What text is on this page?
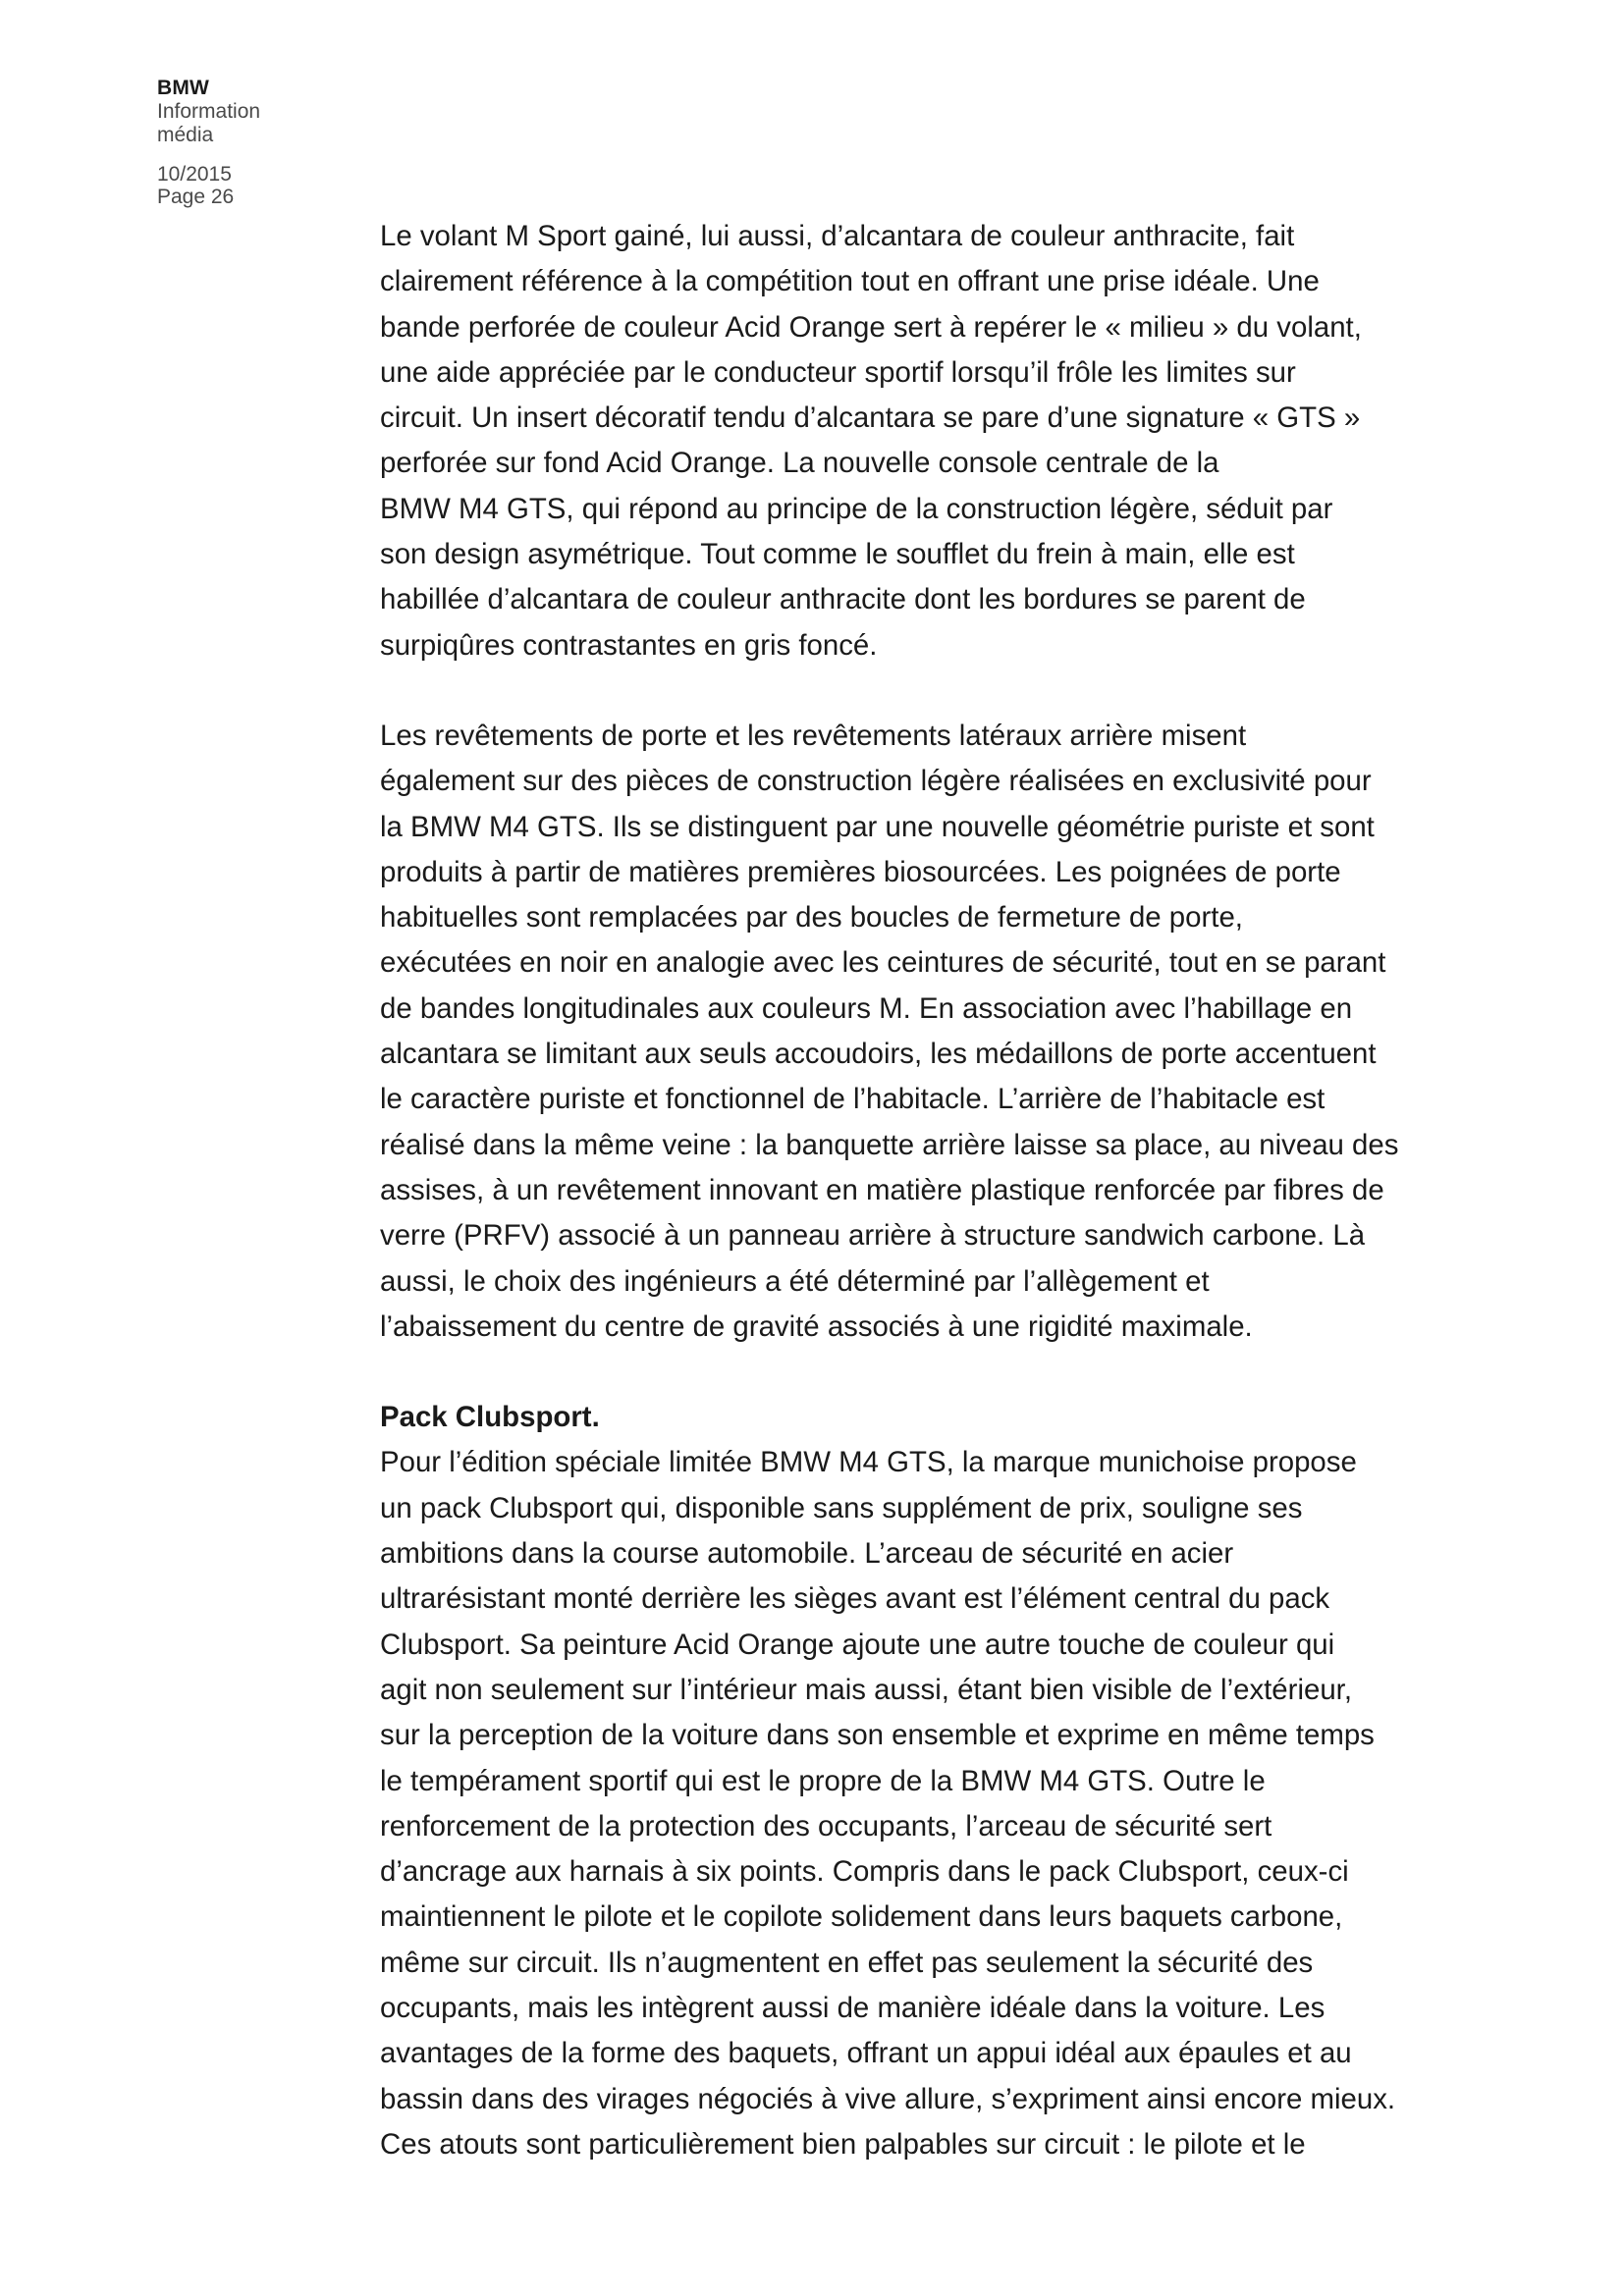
BMW
Information
média
10/2015
Page 26

Le volant M Sport gainé, lui aussi, d’alcantara de couleur anthracite, fait
clairement référence à la compétition tout en offrant une prise idéale. Une
bande perforée de couleur Acid Orange sert à repérer le « milieu » du volant,
une aide appréciée par le conducteur sportif lorsqu’il frôle les limites sur
circuit. Un insert décoratif tendu d’alcantara se pare d’une signature « GTS »
perforée sur fond Acid Orange. La nouvelle console centrale de la
BMW M4 GTS, qui répond au principe de la construction légère, séduit par
son design asymétrique. Tout comme le soufflet du frein à main, elle est
habillée d’alcantara de couleur anthracite dont les bordures se parent de
surpiqûres contrastantes en gris foncé.

Les revêtements de porte et les revêtements latéraux arrière misent
également sur des pièces de construction légère réalisées en exclusivité pour
la BMW M4 GTS. Ils se distinguent par une nouvelle géométrie puriste et sont
produits à partir de matières premières biosourcées. Les poignées de porte
habituelles sont remplacées par des boucles de fermeture de porte,
exécutées en noir en analogie avec les ceintures de sécurité, tout en se parant
de bandes longitudinales aux couleurs M. En association avec l’habillage en
alcantara se limitant aux seuls accoudoirs, les médaillons de porte accentuent
le caractère puriste et fonctionnel de l’habitacle. L’arrière de l’habitacle est
réalisé dans la même veine : la banquette arrière laisse sa place, au niveau des
assises, à un revêtement innovant en matière plastique renforcée par fibres de
verre (PRFV) associé à un panneau arrière à structure sandwich carbone. Là
aussi, le choix des ingénieurs a été déterminé par l’allègement et
l’abaissement du centre de gravité associés à une rigidité maximale.

Pack Clubsport.

Pour l’édition spéciale limitée BMW M4 GTS, la marque munichoise propose
un pack Clubsport qui, disponible sans supplément de prix, souligne ses
ambitions dans la course automobile. L’arceau de sécurité en acier
ultrarésistant monté derrière les sièges avant est l’élément central du pack
Clubsport. Sa peinture Acid Orange ajoute une autre touche de couleur qui
agit non seulement sur l’intérieur mais aussi, étant bien visible de l’extérieur,
sur la perception de la voiture dans son ensemble et exprime en même temps
le tempérament sportif qui est le propre de la BMW M4 GTS. Outre le
renforcement de la protection des occupants, l’arceau de sécurité sert
d’ancrage aux harnais à six points. Compris dans le pack Clubsport, ceux-ci
maintiennent le pilote et le copilote solidement dans leurs baquets carbone,
même sur circuit. Ils n’augmentent en effet pas seulement la sécurité des
occupants, mais les intègrent aussi de manière idéale dans la voiture. Les
avantages de la forme des baquets, offrant un appui idéal aux épaules et au
bassin dans des virages négociés à vive allure, s’expriment ainsi encore mieux.
Ces atouts sont particulièrement bien palpables sur circuit : le pilote et le
